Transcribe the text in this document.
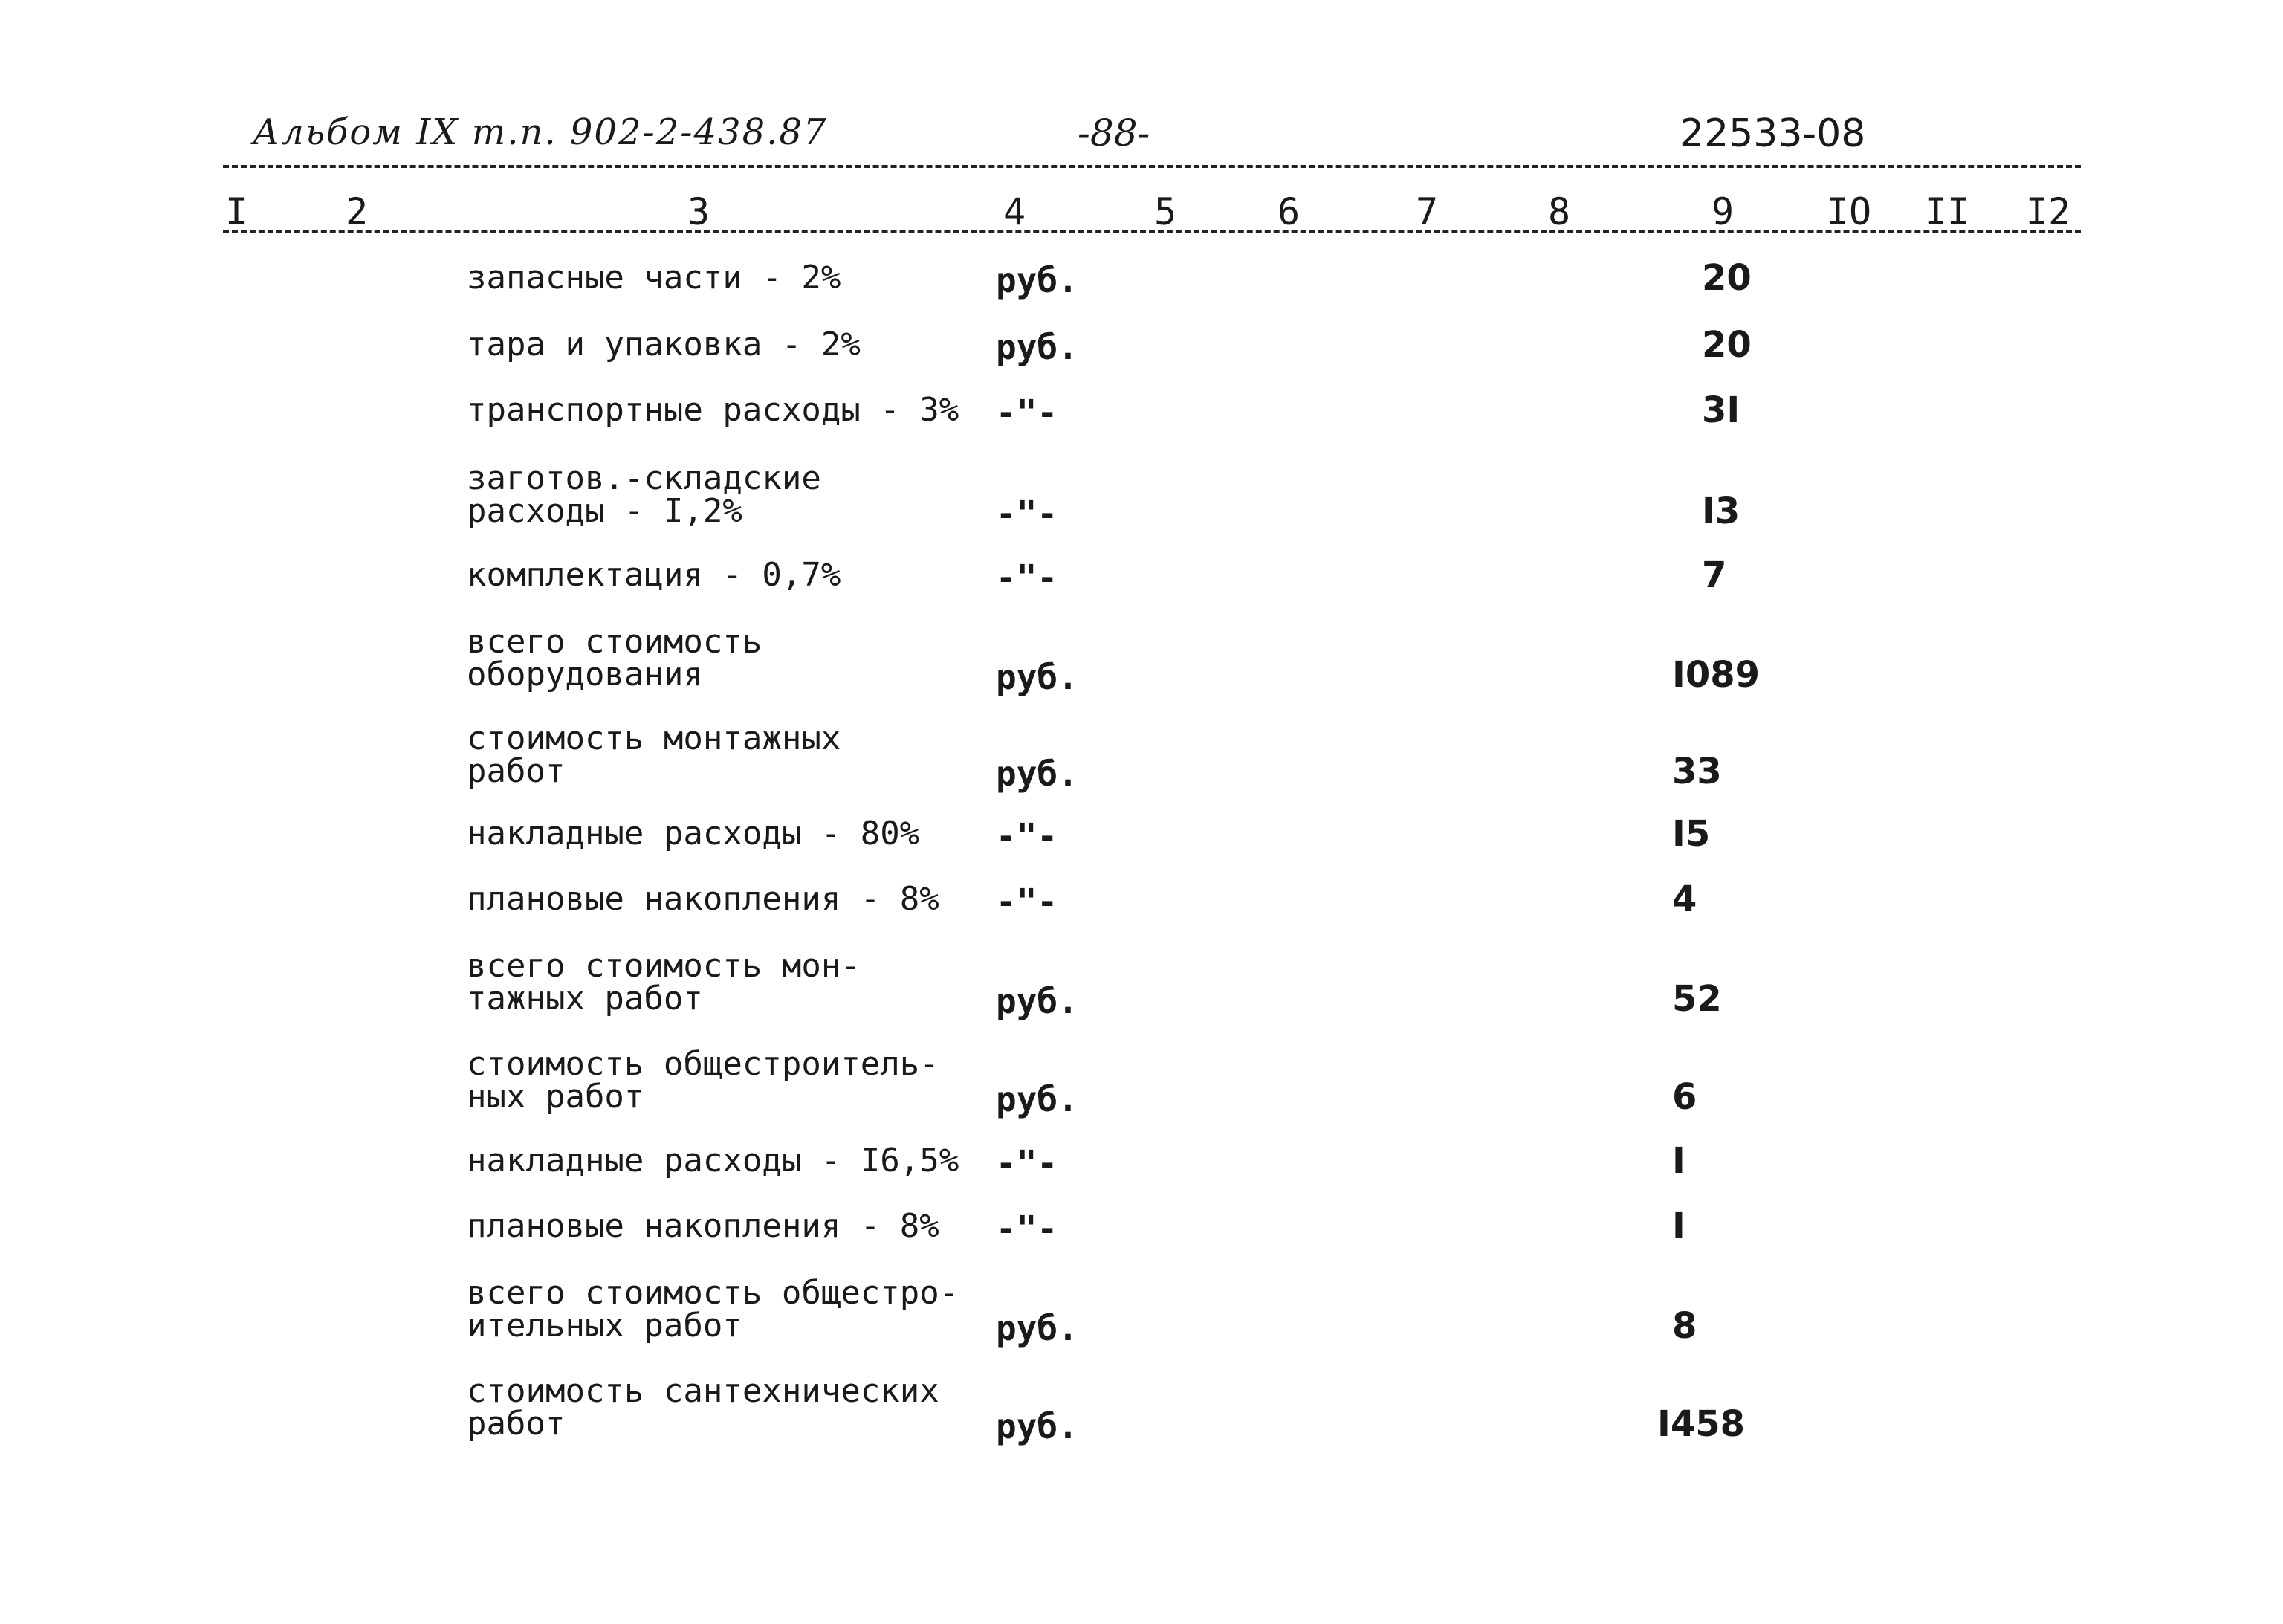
Альбом IX т.п. 902-2-438.87	-88-	22533-08
I	2	3	4	5	6	7	8	9 IO II I2
запасные части - 2%	руб.	20
тара и упаковка - 2%	руб.	20
транспортные расходы - 3% -"-	3I
заготов.-складские
расходы - I,2%	-"-	I3
комплектация - 0,7%	-"-	7
всего стоимость
оборудования	руб.	I089
стоимость монтажных
работ	руб.	33
накладные расходы - 80% -"-	I5
плановые накопления - 8% -"-	4
всего стоимость мон-
тажных работ	руб.	52
стоимость общестроитель-
ных работ	руб.	6
накладные расходы - I6,5% -"-	I
плановые накопления - 8% -"-	I
всего стоимость общестро-
ительных работ	руб.	8
стоимость сантехнических
работ	руб.	I458
